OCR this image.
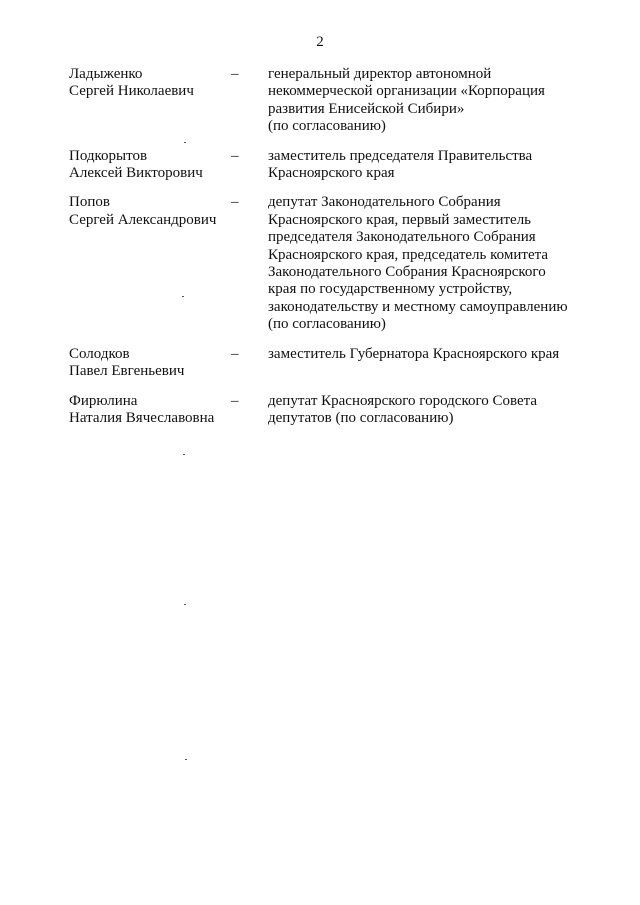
2
Ладыженко
Сергей Николаевич
–	генеральный директор автономной
некоммерческой организации «Корпорация
развития Енисейской Сибири»
(по согласованию)
Подкорытов
Алексей Викторович
–	заместитель председателя Правительства
Красноярского края
Попов
Сергей Александрович
–	депутат Законодательного Собрания
Красноярского края, первый заместитель
председателя Законодательного Собрания
Красноярского края, председатель комитета
Законодательного Собрания Красноярского
края по государственному устройству,
законодательству и местному самоуправлению
(по согласованию)
Солодков
Павел Евгеньевич
–	заместитель Губернатора Красноярского края
Фирюлина
Наталия Вячеславовна
–	депутат Красноярского городского Совета
депутатов (по согласованию)
